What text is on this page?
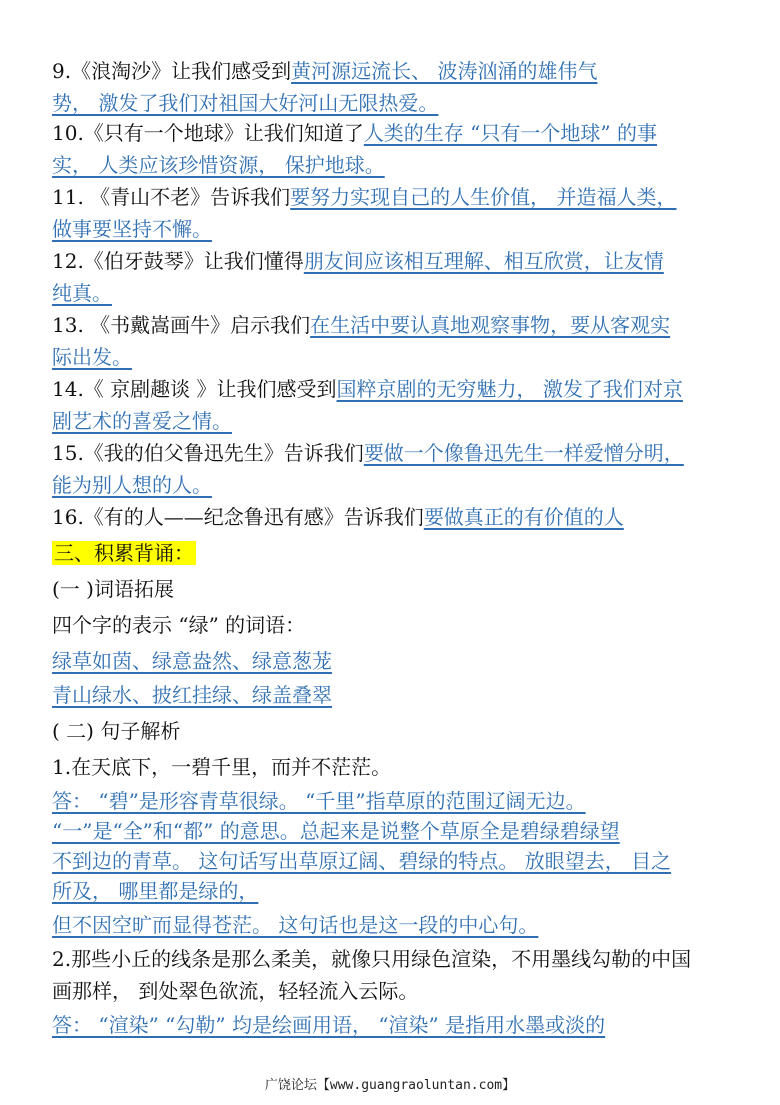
9.《浪淘沙》让我们感受到黄河源远流长、 波涛汹涌的雄伟气
势， 激发了我们对祖国大好河山无限热爱。
10.《只有一个地球》让我们知道了人类的生存 “只有一个地球” 的事
实， 人类应该珍惜资源， 保护地球。
11. 《青山不老》告诉我们要努力实现自己的人生价值， 并造福人类，
做事要坚持不懈。
12.《伯牙鼓琴》让我们懂得朋友间应该相互理解、相互欣赏，让友情
纯真。
13. 《书戴嵩画牛》启示我们在生活中要认真地观察事物，要从客观实
际出发。
14.《 京剧趣谈 》让我们感受到国粹京剧的无穷魅力， 激发了我们对京
剧艺术的喜爱之情。
15.《我的伯父鲁迅先生》告诉我们要做一个像鲁迅先生一样爱憎分明，
能为别人想的人。
16.《有的人——纪念鲁迅有感》告诉我们要做真正的有价值的人
三、积累背诵：
(一 )词语拓展
四个字的表示 “绿” 的词语：
绿草如茵、绿意盎然、绿意葱茏
青山绿水、披红挂绿、绿盖叠翠
( 二) 句子解析
1.在天底下，一碧千里，而并不茫茫。
答： “碧”是形容青草很绿。 “千里”指草原的范围辽阔无边。
“一”是“全”和“都” 的意思。总起来是说整个草原全是碧绿碧绿望
不到边的青草。 这句话写出草原辽阔、碧绿的特点。 放眼望去， 目之
所及， 哪里都是绿的，
但不因空旷而显得苍茫。 这句话也是这一段的中心句。
2.那些小丘的线条是那么柔美，就像只用绿色渲染，不用墨线勾勒的中国
画那样， 到处翠色欲流，轻轻流入云际。
答： “渲染” “勾勒” 均是绘画用语， “渲染” 是指用水墨或淡的
广饶论坛【www.guangraoluntan.com】
